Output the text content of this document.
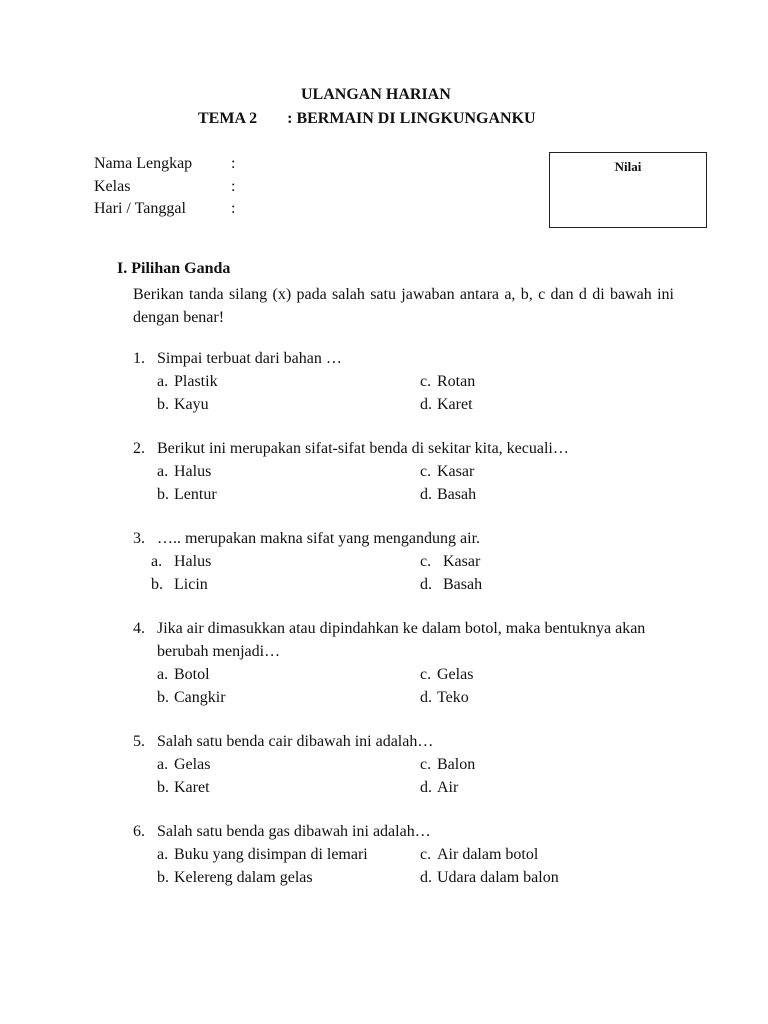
ULANGAN HARIAN
TEMA 2 : BERMAIN DI LINGKUNGANKU
Nama Lengkap :
Kelas	:
Hari / Tanggal	:
Nilai
I. Pilihan Ganda
Berikan tanda silang (x) pada salah satu jawaban antara a, b, c dan d di bawah ini dengan benar!
1. Simpai terbuat dari bahan …
a. Plastik	c. Rotan
b. Kayu	d. Karet
2. Berikut ini merupakan sifat-sifat benda di sekitar kita, kecuali…
a. Halus	c. Kasar
b. Lentur	d. Basah
3. ….. merupakan makna sifat yang mengandung air.
a. Halus	c. Kasar
b. Licin	d. Basah
4. Jika air dimasukkan atau dipindahkan ke dalam botol, maka bentuknya akan berubah menjadi…
a. Botol	c. Gelas
b. Cangkir	d. Teko
5. Salah satu benda cair dibawah ini adalah…
a. Gelas	c. Balon
b. Karet	d. Air
6. Salah satu benda gas dibawah ini adalah…
a. Buku yang disimpan di lemari	c. Air dalam botol
b. Kelereng dalam gelas	d. Udara dalam balon
